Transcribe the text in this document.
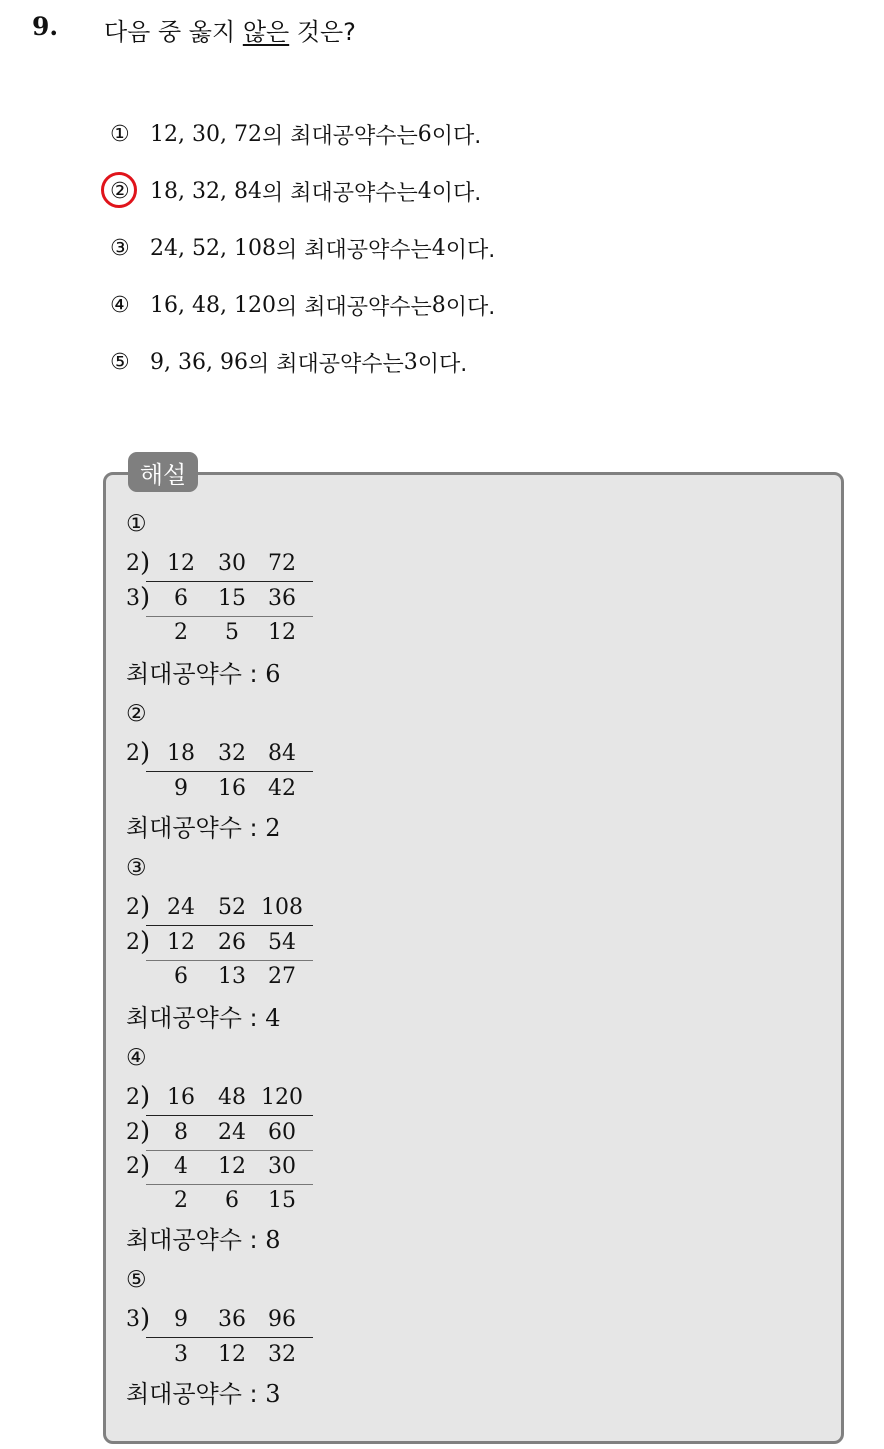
9. 다음 중 옳지 않은 것은?
① 12, 30, 72 의 최대공약수는 6 이다.
② 18, 32, 84 의 최대공약수는 4 이다.
③ 24, 52, 108 의 최대공약수는 4 이다.
④ 16, 48, 120 의 최대공약수는 8 이다.
⑤ 9, 36, 96 의 최대공약수는 3 이다.
해설
①
2 ) 12	30	72
3 )	6	15	36
2	5	12
최대공약수 : 6
②
2 ) 18	32	84
9	16	42
최대공약수 : 2
③
2 ) 24	52 108
2 ) 12	26	54
6	13	27
최대공약수 : 4
④
2 ) 16	48 120
2 )	8	24	60
2 )	4	12	30
2	6	15
최대공약수 : 8
⑤
3 )	9	36	96
3	12	32
최대공약수 : 3
